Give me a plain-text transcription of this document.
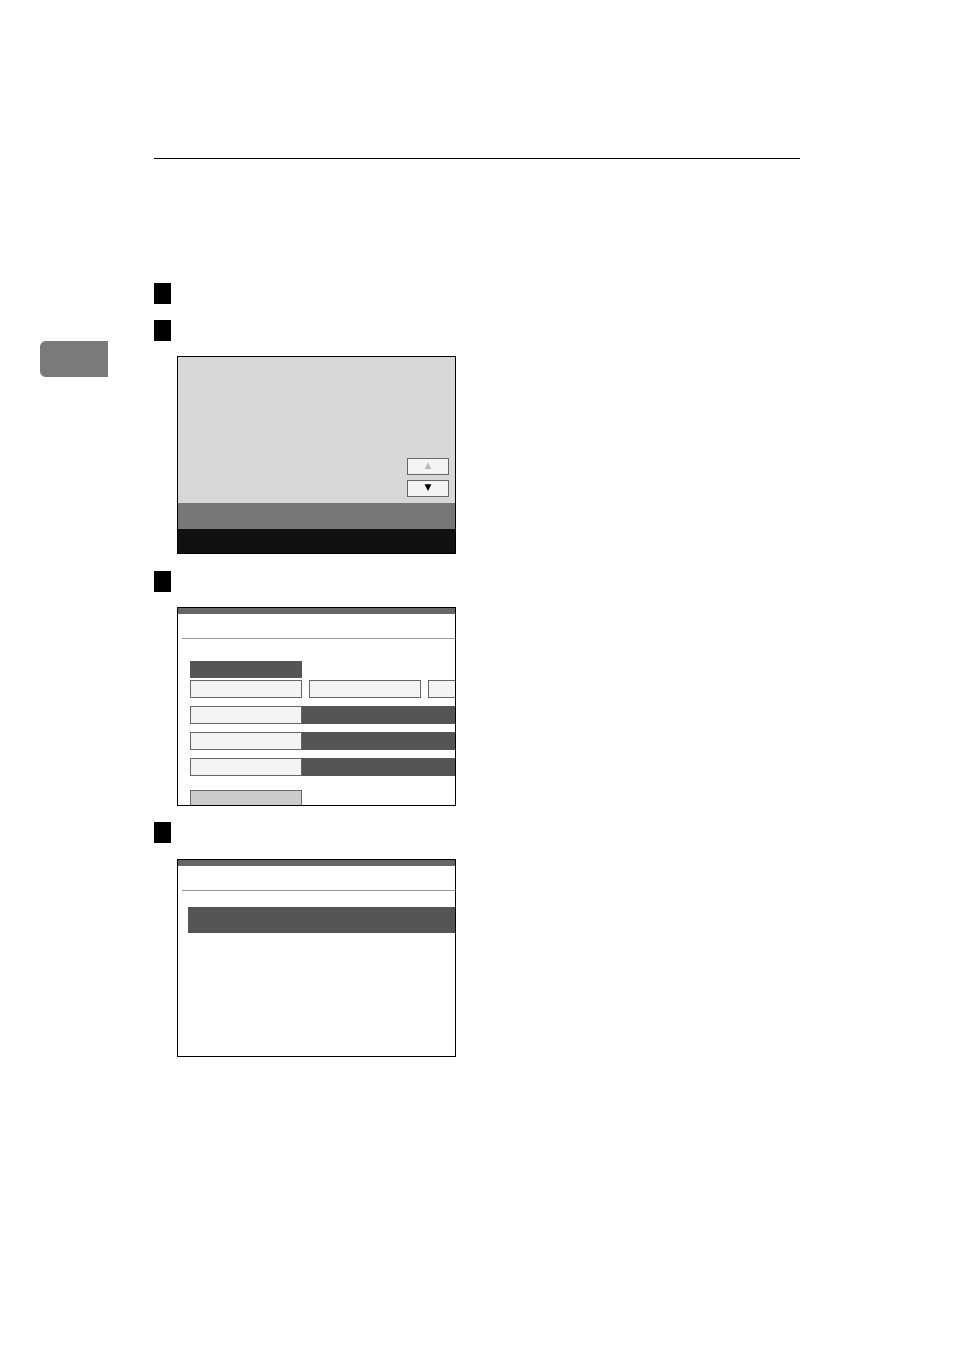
▲
▼
